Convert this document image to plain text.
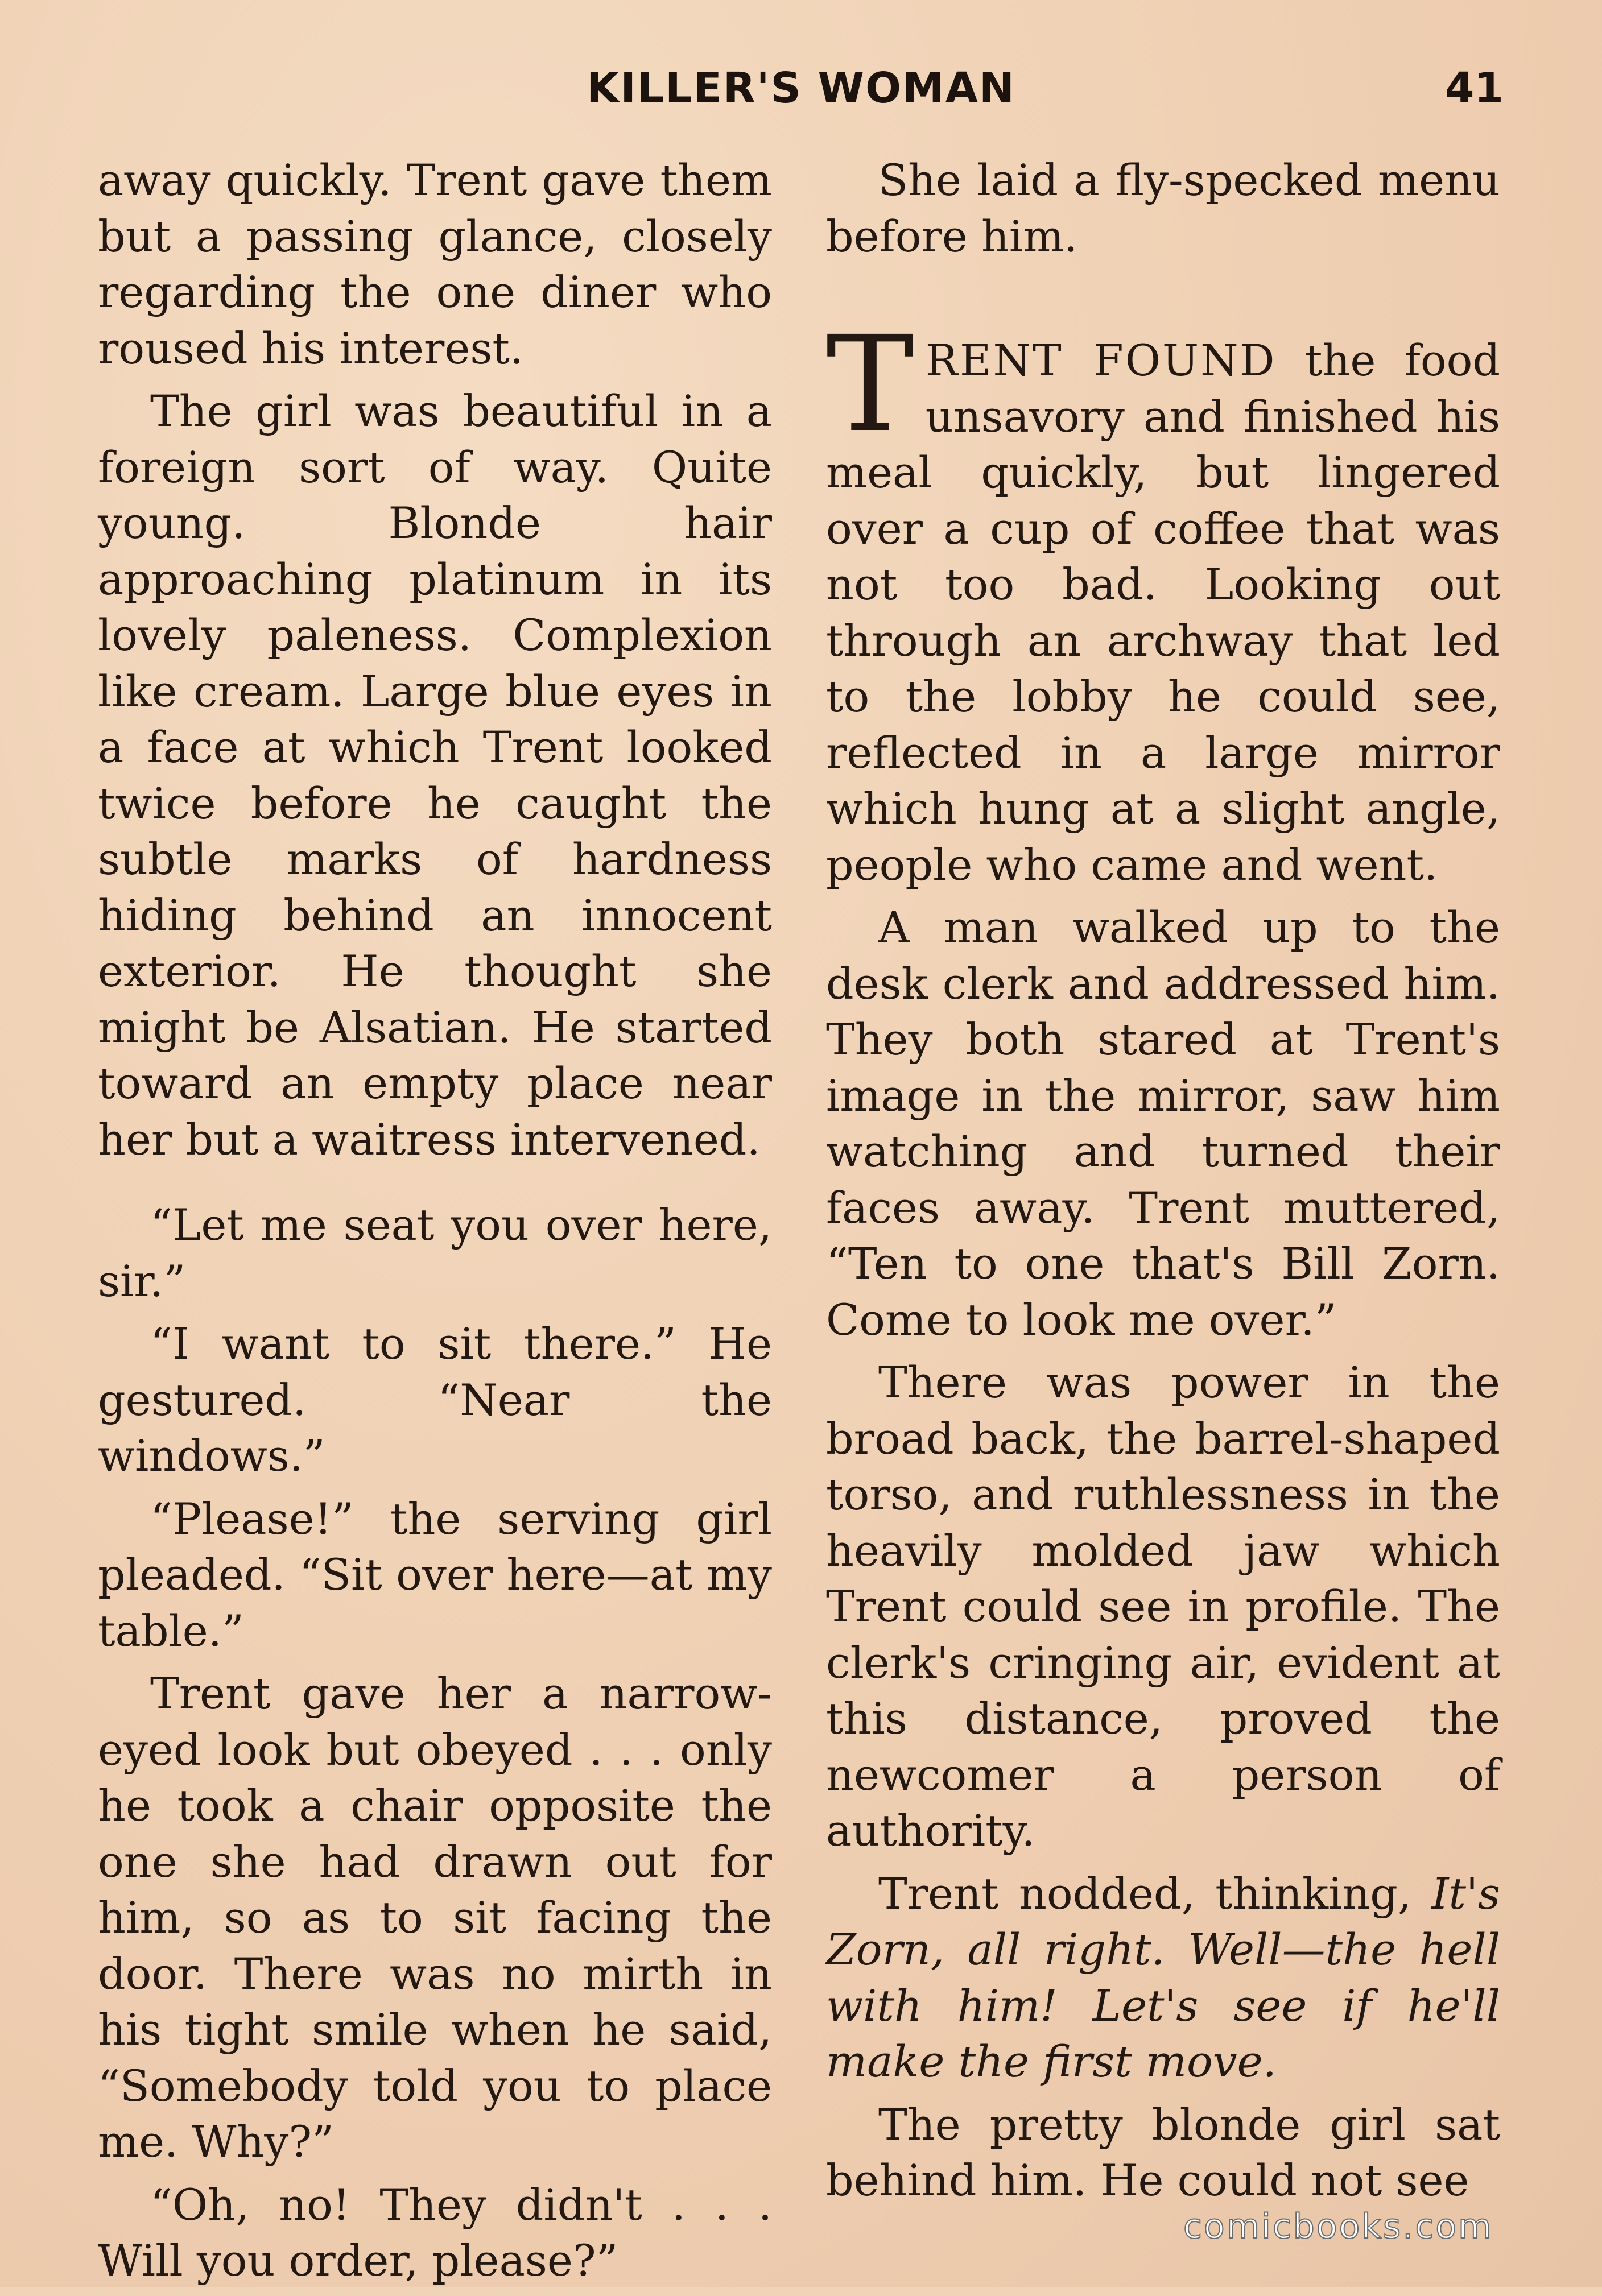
KILLER'S WOMAN	41

away quickly. Trent gave them but a passing glance, closely regarding the one diner who roused his interest.

The girl was beautiful in a foreign sort of way. Quite young. Blonde hair approaching platinum in its lovely paleness. Complexion like cream. Large blue eyes in a face at which Trent looked twice before he caught the subtle marks of hardness hiding behind an innocent exterior. He thought she might be Alsatian. He started toward an empty place near her but a waitress intervened.

“Let me seat you over here, sir.”

“I want to sit there.” He gestured. “Near the windows.”

“Please!” the serving girl pleaded. “Sit over here—at my table.”

Trent gave her a narrow-eyed look but obeyed . . . only he took a chair opposite the one she had drawn out for him, so as to sit facing the door. There was no mirth in his tight smile when he said, “Somebody told you to place me. Why?”

“Oh, no! They didn't . . . Will you order, please?”

She laid a fly-specked menu before him.

TRENT FOUND the food unsavory and finished his meal quickly, but lingered over a cup of coffee that was not too bad. Looking out through an archway that led to the lobby he could see, reflected in a large mirror which hung at a slight angle, people who came and went.

A man walked up to the desk clerk and addressed him. They both stared at Trent's image in the mirror, saw him watching and turned their faces away. Trent muttered, “Ten to one that's Bill Zorn. Come to look me over.”

There was power in the broad back, the barrel-shaped torso, and ruthlessness in the heavily molded jaw which Trent could see in profile. The clerk's cringing air, evident at this distance, proved the newcomer a person of authority.

Trent nodded, thinking, It's Zorn, all right. Well—the hell with him! Let's see if he'll make the first move.

The pretty blonde girl sat behind him. He could not see

comicbooks.com
